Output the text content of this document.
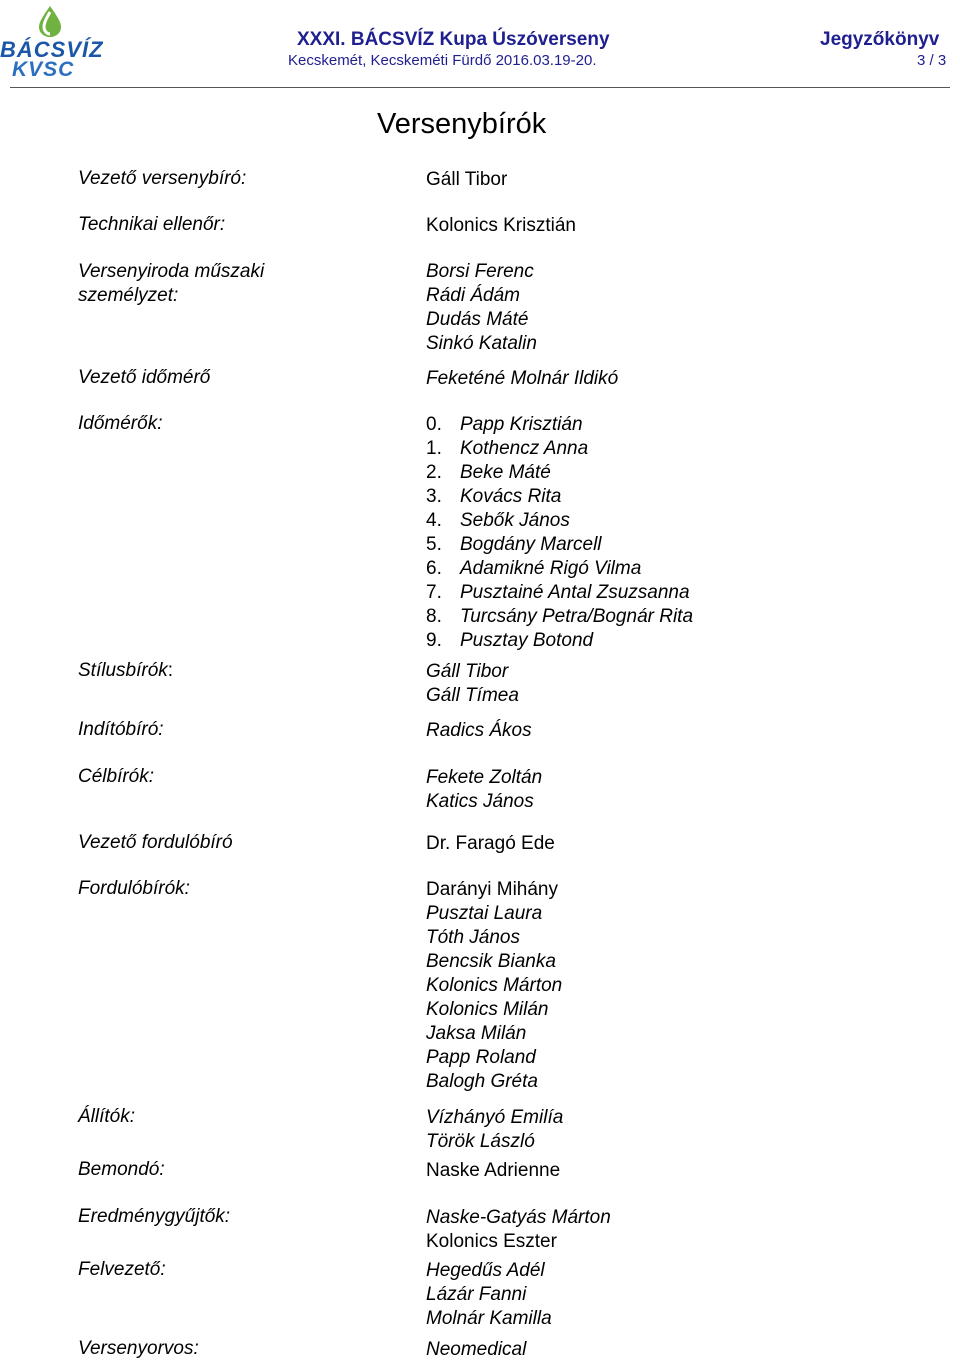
BÁCSVÍZ
KVSC
XXXI. BÁCSVÍZ Kupa Úszóverseny
Kecskemét, Kecskeméti Fürdő 2016.03.19-20.
Jegyzőkönyv
3 / 3
Versenybírók
Vezető versenybíró:
Technikai ellenőr:
Versenyiroda műszaki
személyzet:
Vezető időmérő
Időmérők:
Stílusbírók:
Indítóbíró:
Célbírók:
Vezető fordulóbíró
Fordulóbírók:
Állítók:
Bemondó:
Eredménygyűjtők:
Felvezető:
Versenyorvos:
Gáll Tibor
Kolonics Krisztián
Borsi Ferenc
Rádi Ádám
Dudás Máté
Sinkó Katalin
Feketéné Molnár Ildikó
0. Papp Krisztián
1. Kothencz Anna
2. Beke Máté
3. Kovács Rita
4. Sebők János
5. Bogdány Marcell
6. Adamikné Rigó Vilma
7. Pusztainé Antal Zsuzsanna
8. Turcsány Petra/Bognár Rita
9. Pusztay Botond
Gáll Tibor
Gáll Tímea
Radics Ákos
Fekete Zoltán
Katics János
Dr. Faragó Ede
Darányi Mihány
Pusztai Laura
Tóth János
Bencsik Bianka
Kolonics Márton
Kolonics Milán
Jaksa Milán
Papp Roland
Balogh Gréta
Vízhányó Emilía
Török László
Naske Adrienne
Naske-Gatyás Márton
Kolonics Eszter
Hegedűs Adél
Lázár Fanni
Molnár Kamilla
Neomedical
